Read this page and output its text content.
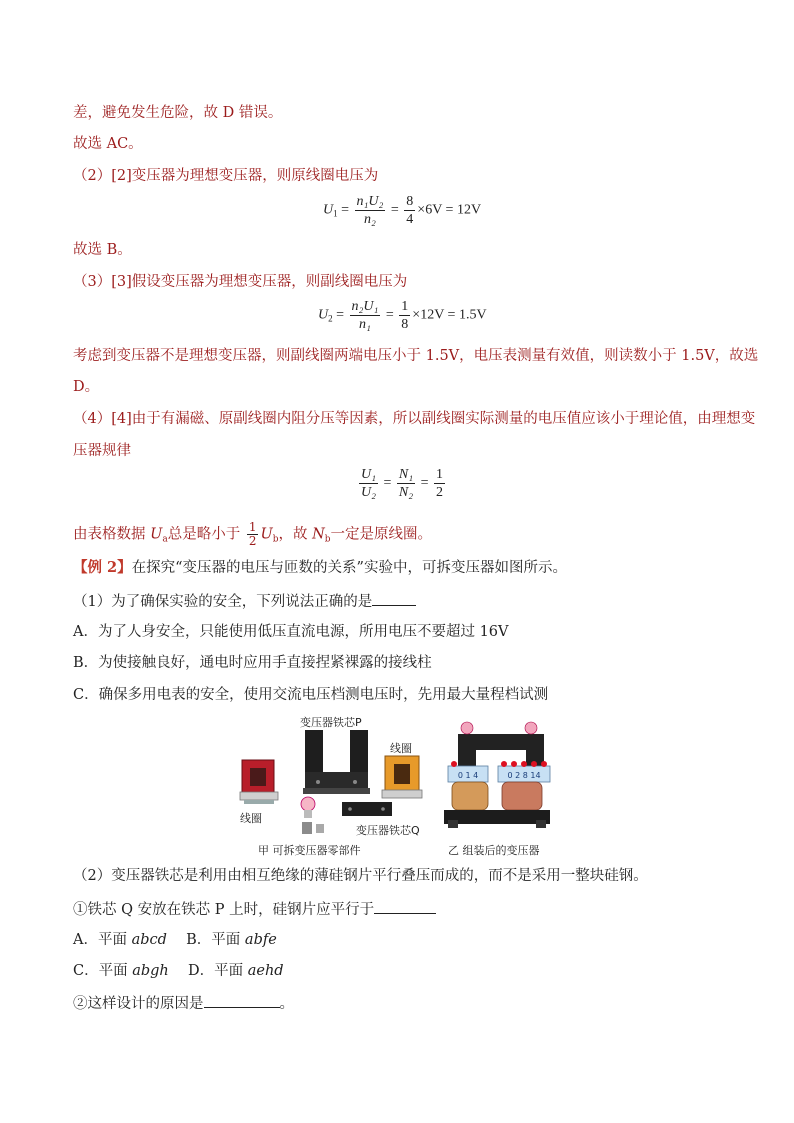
差，避免发生危险，故 D 错误。
故选 AC。
（2）[2]变压器为理想变压器，则原线圈电压为
$U_1 = \frac{\text{n₁U₂}}{\text{n₂}} = \frac{8}{4} \times 6V = 12V$
故选 B。
（3）[3]假设变压器为理想变压器，则副线圈电压为
$U_2 = \frac{\text{n₂U₁}}{\text{n₁}} = \frac{1}{8} \times 12V = 1.5V$
考虑到变压器不是理想变压器，则副线圈两端电压小于 1.5V，电压表测量有效值，则读数小于 1.5V，故选
D。
（4）[4]由于有漏磁、原副线圈内阻分压等因素，所以副线圈实际测量的电压值应该小于理论值，由理想变
压器规律
$\frac{\text{U₁}}{\text{U₂}} = \frac{\text{N₁}}{\text{N₂}} = \frac{1}{2}$
由表格数据 $U_a$总是略小于 $\frac{1}{2} U_b$，故 $N_b$一定是原线圈。
【例 2】在探究“变压器的电压与匝数的关系”实验中，可拆变压器如图所示。
（1）为了确保实验的安全，下列说法正确的是
A．为了人身安全，只能使用低压直流电源，所用电压不要超过 16V
B．为使接触良好，通电时应用手直接捏紧裸露的接线柱
C．确保多用电表的安全，使用交流电压档测电压时，先用最大量程档试测
0 1 4	0 2 8 14
变压器铁芯P
线圈
线圈
变压器铁芯Q
甲 可拆变压器零部件	乙 组装后的变压器
（2）变压器铁芯是利用由相互绝缘的薄硅钢片平行叠压而成的，而不是采用一整块硅钢。
①铁芯 Q 安放在铁芯 P 上时，硅钢片应平行于
A．平面 abcd B．平面 abfe
C．平面 abgh D．平面 aehd
②这样设计的原因是	。
